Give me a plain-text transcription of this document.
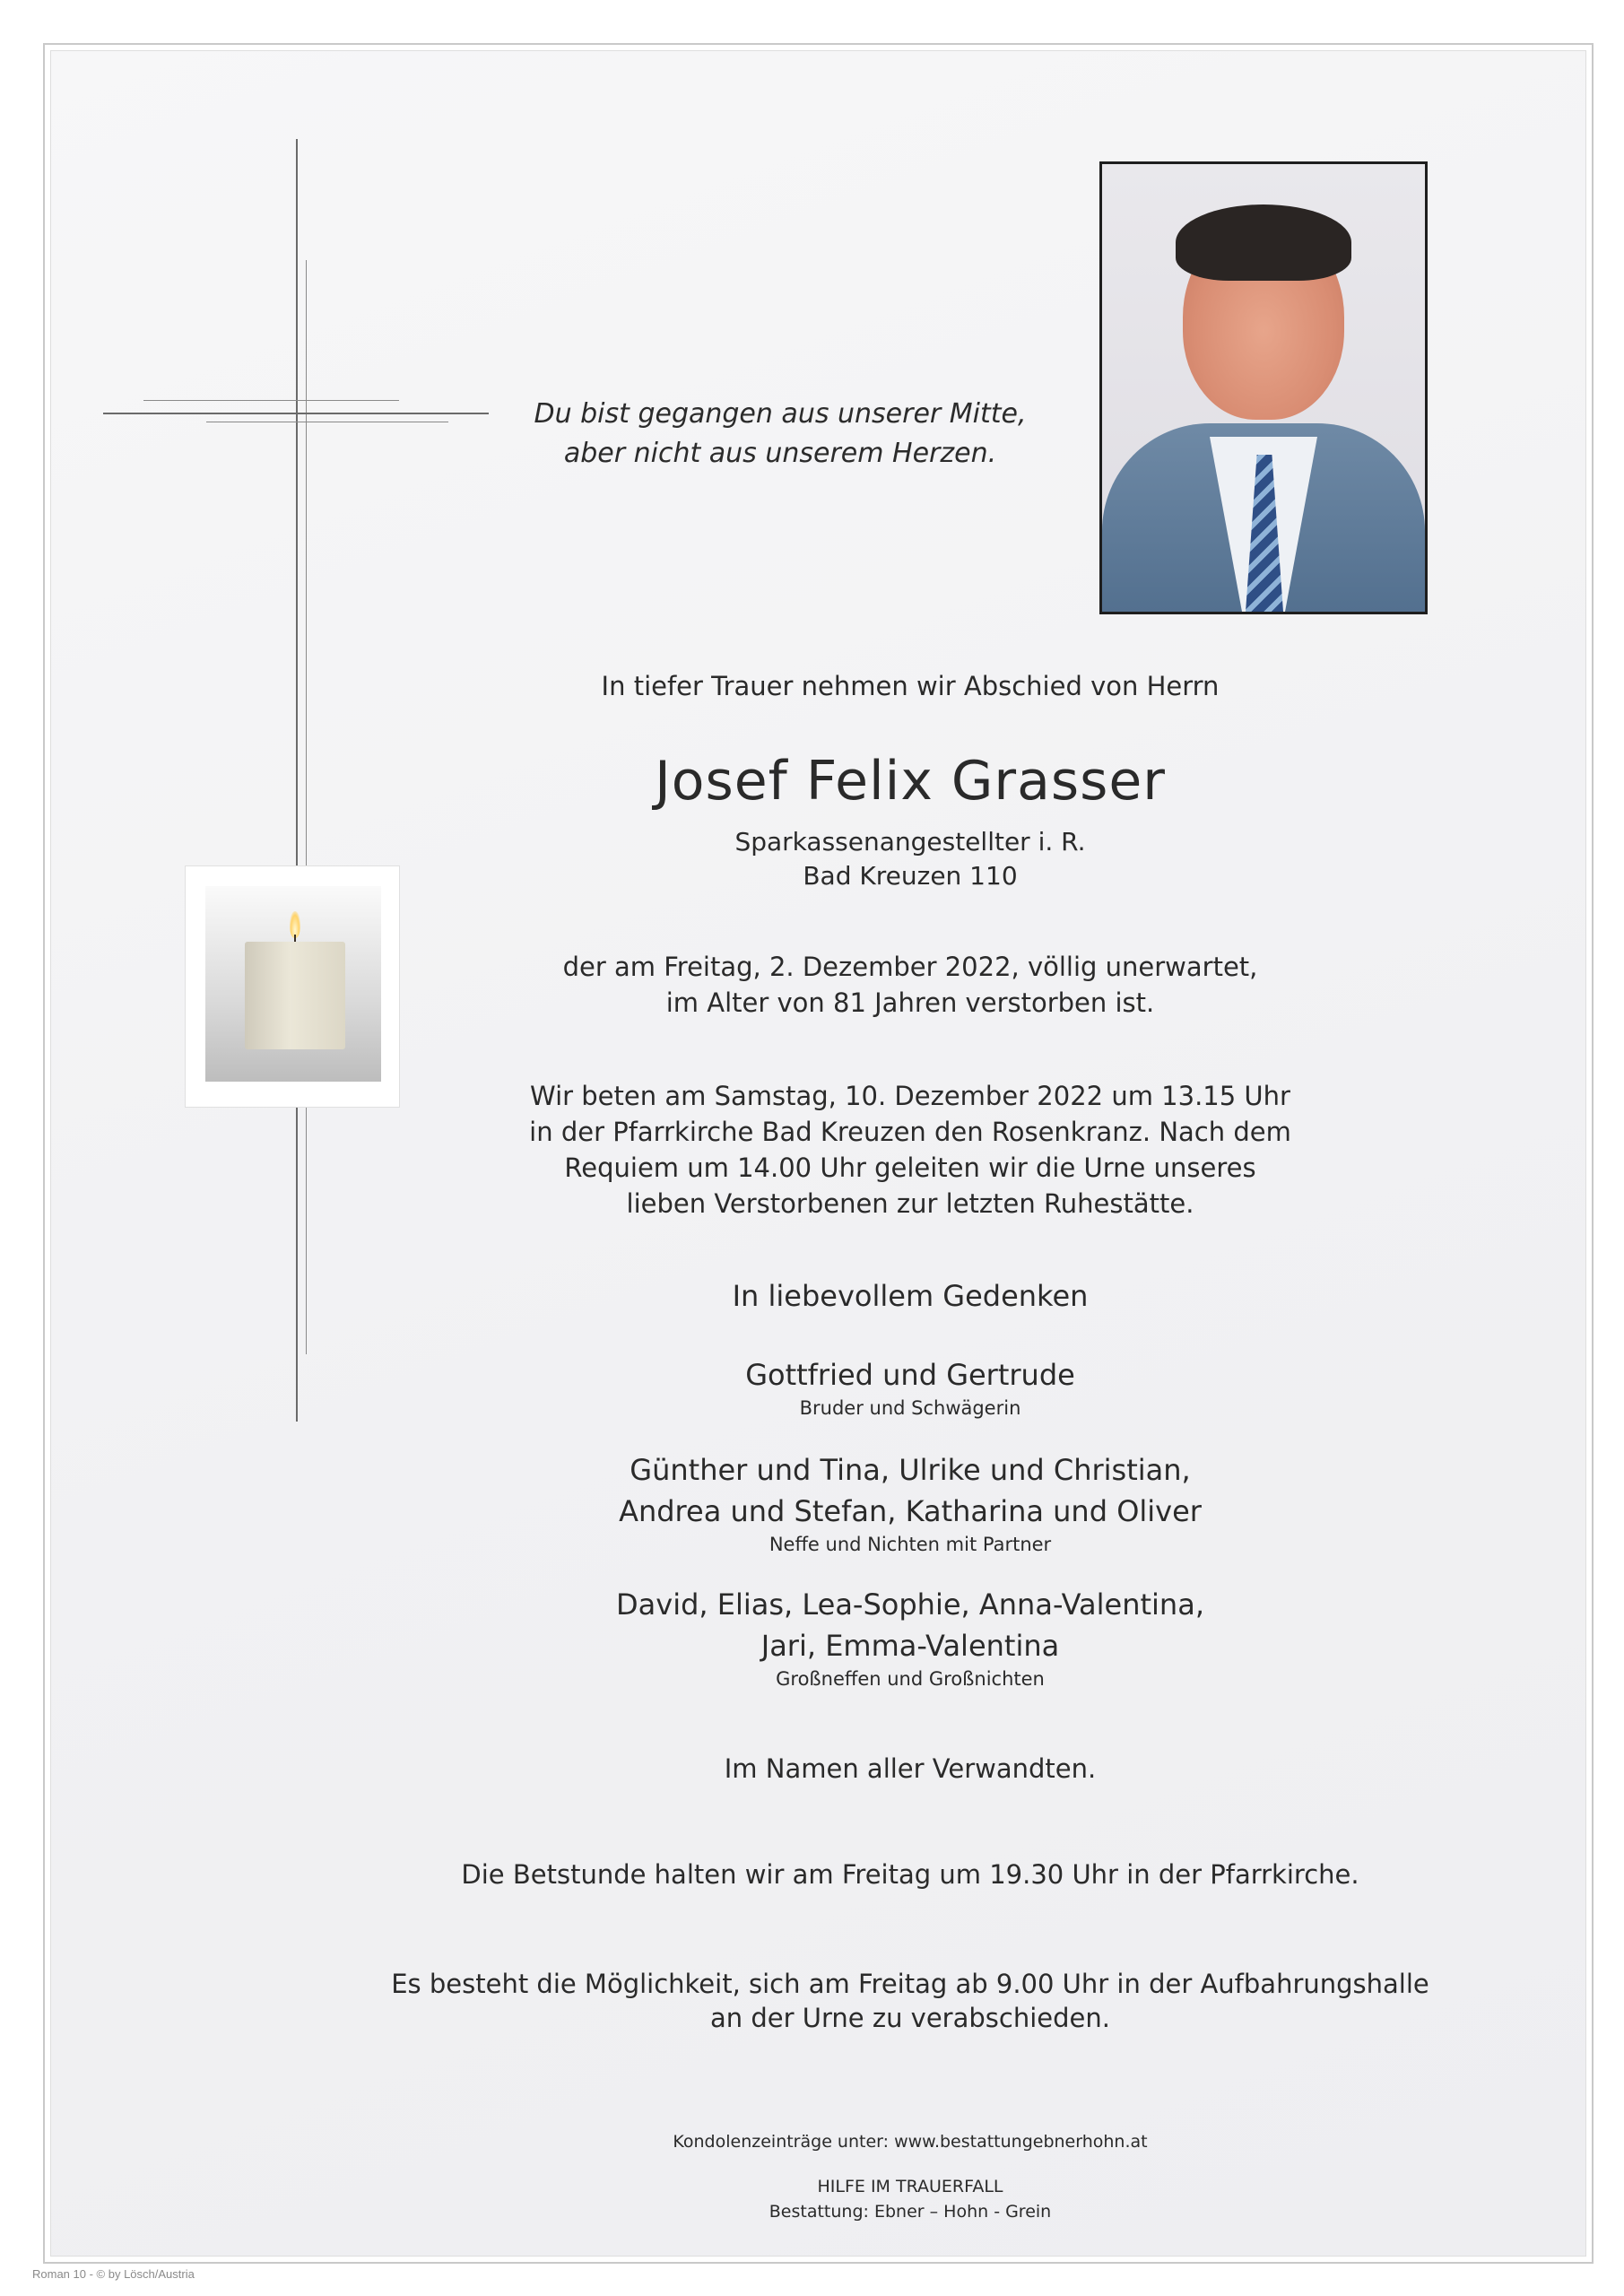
Du bist gegangen aus unserer Mitte,
aber nicht aus unserem Herzen.
In tiefer Trauer nehmen wir Abschied von Herrn
Josef Felix Grasser
Sparkassenangestellter i. R.
Bad Kreuzen 110
der am Freitag, 2. Dezember 2022, völlig unerwartet,
im Alter von 81 Jahren verstorben ist.
Wir beten am Samstag, 10. Dezember 2022 um 13.15 Uhr
in der Pfarrkirche Bad Kreuzen den Rosenkranz. Nach dem
Requiem um 14.00 Uhr geleiten wir die Urne unseres
lieben Verstorbenen zur letzten Ruhestätte.
In liebevollem Gedenken
Gottfried und Gertrude
Bruder und Schwägerin
Günther und Tina, Ulrike und Christian,
Andrea und Stefan, Katharina und Oliver
Neffe und Nichten mit Partner
David, Elias, Lea-Sophie, Anna-Valentina,
Jari, Emma-Valentina
Großneffen und Großnichten
Im Namen aller Verwandten.
Die Betstunde halten wir am Freitag um 19.30 Uhr in der Pfarrkirche.
Es besteht die Möglichkeit, sich am Freitag ab 9.00 Uhr in der Aufbahrungshalle
an der Urne zu verabschieden.
Kondolenzeinträge unter: www.bestattungebnerhohn.at
HILFE IM TRAUERFALL
Bestattung: Ebner – Hohn - Grein
Roman 10 - © by Lösch/Austria
